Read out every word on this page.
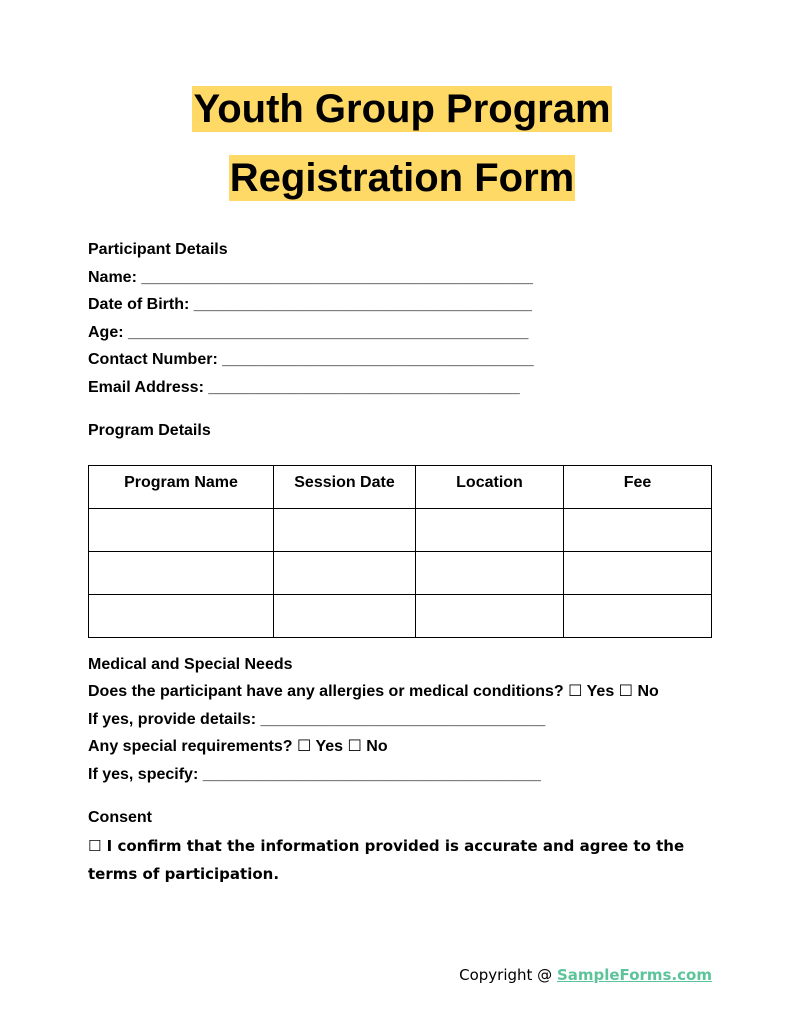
Youth Group Program
Registration Form
Participant Details
Name: ____________________________________________
Date of Birth: ______________________________________
Age: _____________________________________________
Contact Number: ___________________________________
Email Address: ___________________________________
Program Details
Program Name	Session Date	Location	Fee

Medical and Special Needs
Does the participant have any allergies or medical conditions? ☐ Yes ☐ No
If yes, provide details: ________________________________
Any special requirements? ☐ Yes ☐ No
If yes, specify: ______________________________________
Consent
☐ I confirm that the information provided is accurate and agree to the terms of participation.
Copyright @ SampleForms.com
